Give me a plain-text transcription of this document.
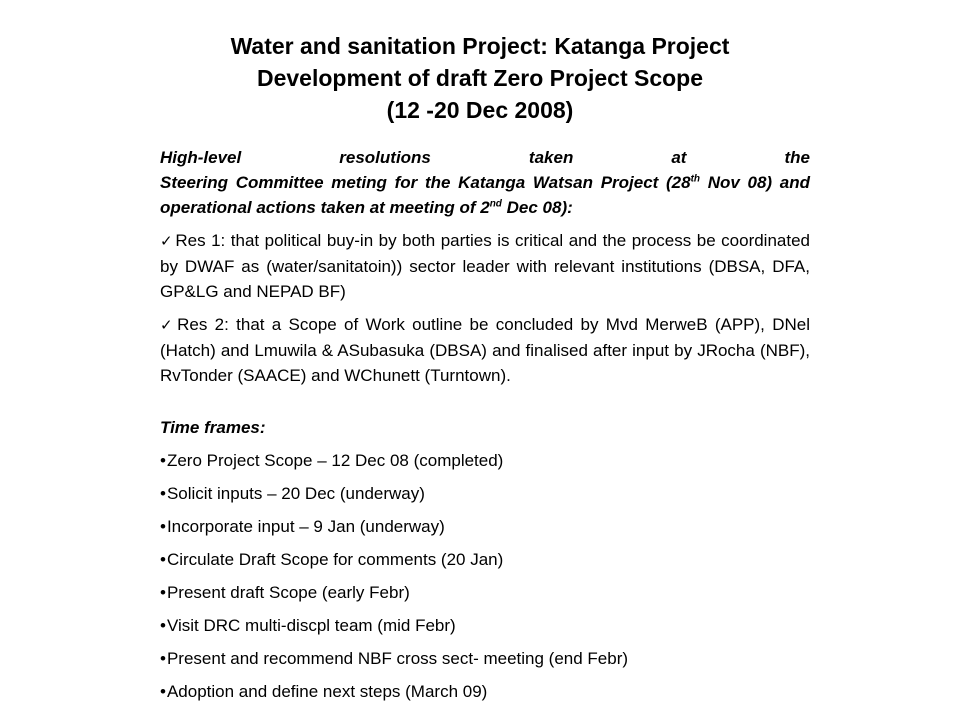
Water and sanitation Project: Katanga Project
Development of draft Zero Project Scope
(12 -20 Dec 2008)

High-level resolutions taken at the
Steering Committee meting for the Katanga Watsan Project (28th Nov 08) and operational actions taken at meeting of 2nd Dec 08):

✓ Res 1: that political buy-in by both parties is critical and the process be coordinated by DWAF as (water/sanitatoin)) sector leader with relevant institutions (DBSA, DFA, GP&LG and NEPAD BF)

✓ Res 2: that a Scope of Work outline be concluded by Mvd MerweB (APP), DNel (Hatch) and Lmuwila & ASubasuka (DBSA) and finalised after input by JRocha (NBF), RvTonder (SAACE) and WChunett (Turntown).

Time frames:
•Zero Project Scope – 12 Dec 08 (completed)
•Solicit inputs – 20 Dec (underway)
•Incorporate input – 9 Jan (underway)
•Circulate Draft Scope for comments (20 Jan)
•Present draft Scope (early Febr)
•Visit DRC multi-discpl team (mid Febr)
•Present and recommend NBF cross sect- meeting (end Febr)
•Adoption and define next steps (March 09)
